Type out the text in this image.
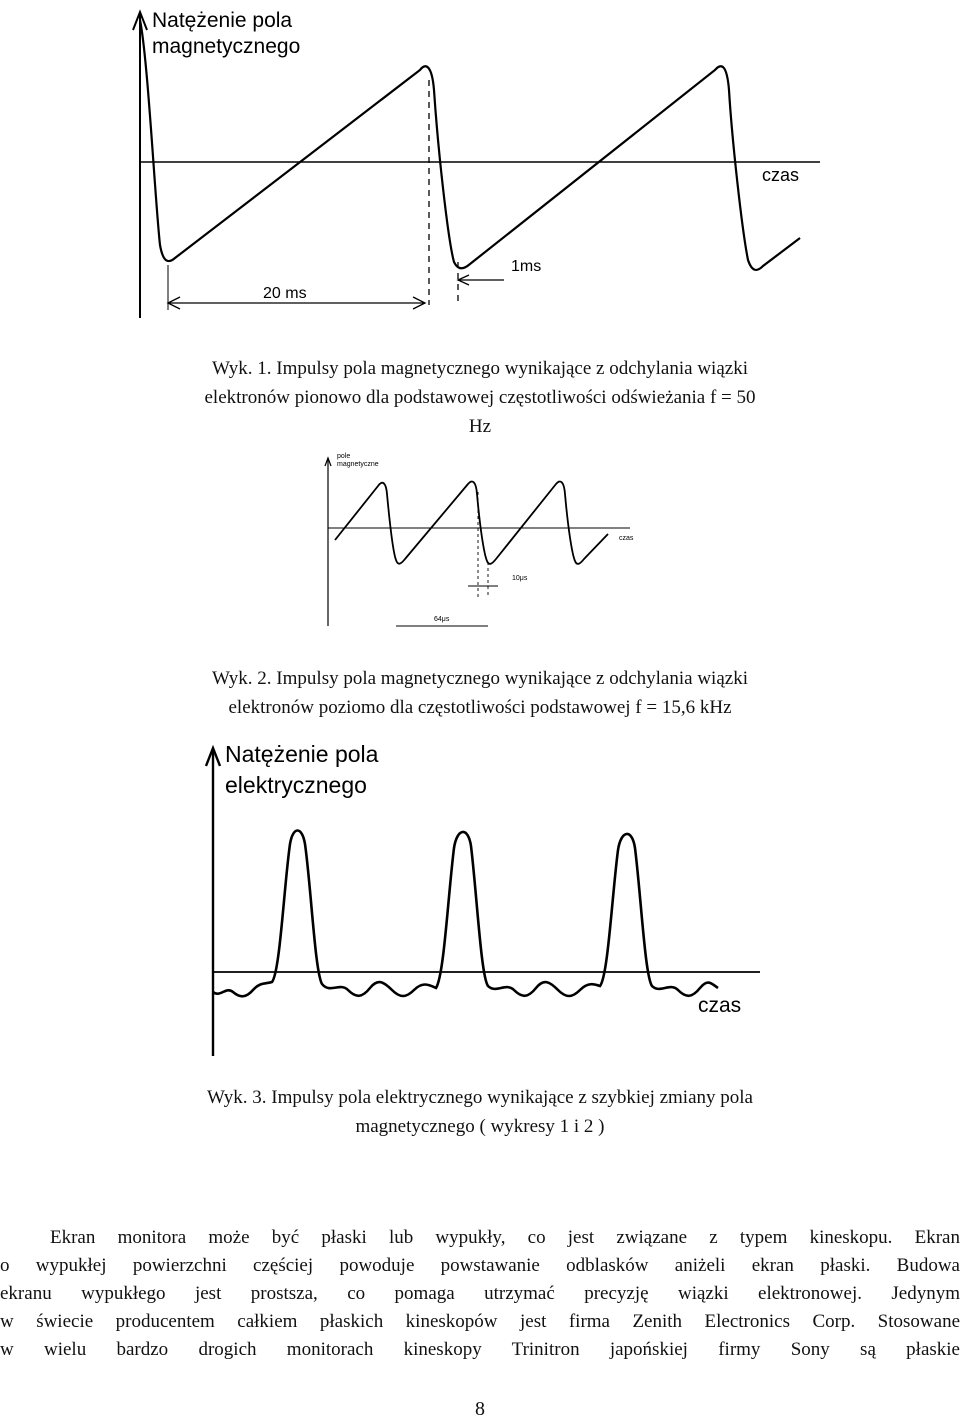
Natężenie pola
magnetycznego
czas
20 ms
1ms
Wyk. 1. Impulsy pola magnetycznego wynikające z odchylania wiązki
elektronów pionowo dla podstawowej częstotliwości odświeżania f = 50
Hz
pole
magnetyczne
czas
10μs
64μs
Wyk. 2. Impulsy pola magnetycznego wynikające z odchylania wiązki
elektronów poziomo dla częstotliwości podstawowej f = 15,6 kHz
Natężenie pola
elektrycznego
czas
Wyk. 3. Impulsy pola elektrycznego wynikające z szybkiej zmiany pola
magnetycznego ( wykresy 1 i 2 )
Ekran monitora może być płaski lub wypukły, co jest związane z typem kineskopu. Ekran
o wypukłej powierzchni częściej powoduje powstawanie odblasków aniżeli ekran płaski. Budowa
ekranu wypukłego jest prostsza, co pomaga utrzymać precyzję wiązki elektronowej. Jedynym
w świecie producentem całkiem płaskich kineskopów jest firma Zenith Electronics Corp. Stosowane
w wielu bardzo drogich monitorach kineskopy Trinitron japońskiej firmy Sony są płaskie
8
